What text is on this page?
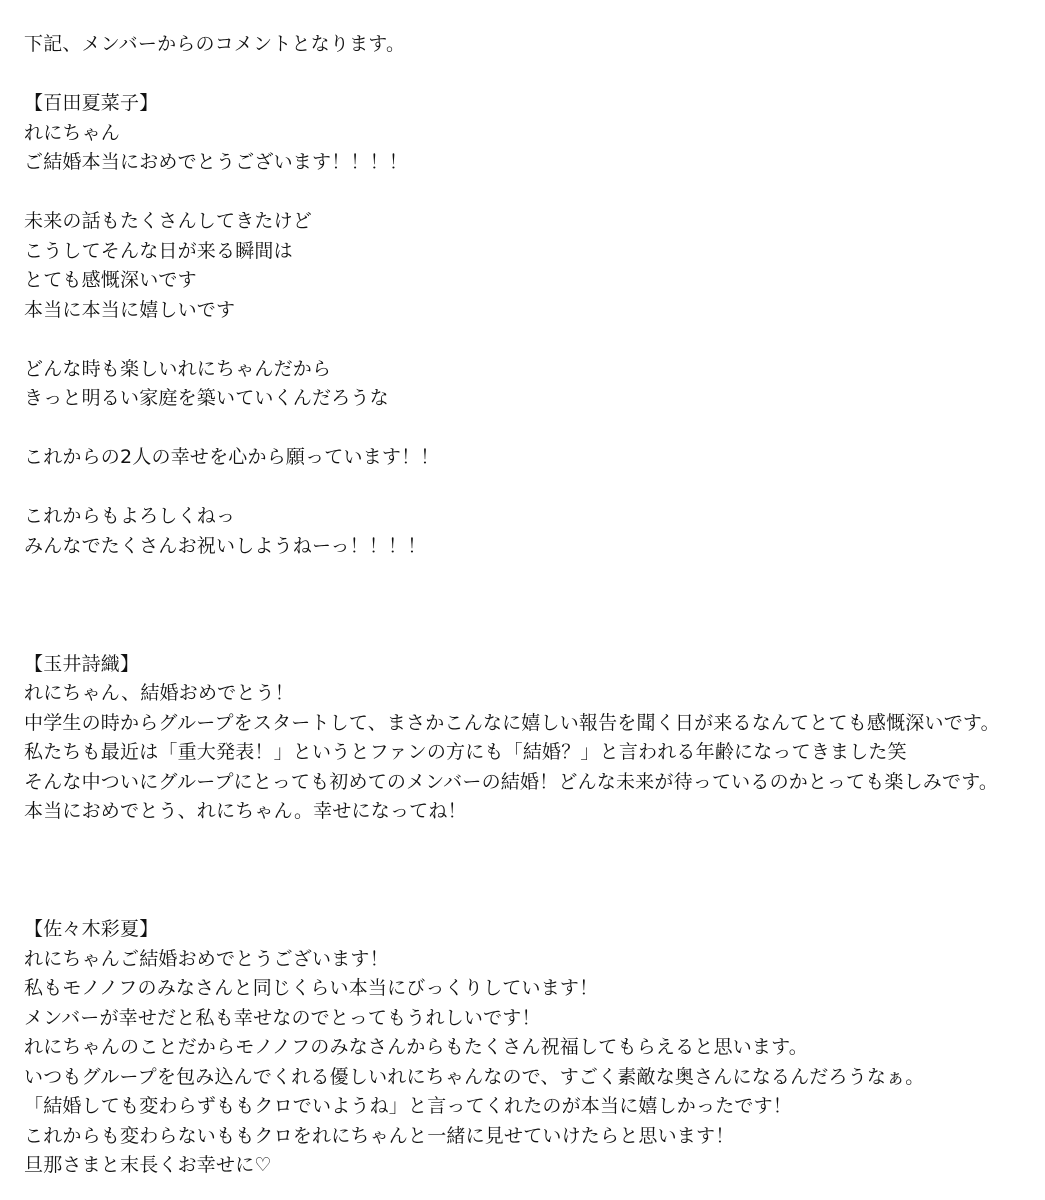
下記、メンバーからのコメントとなります。
【百田夏菜子】
れにちゃん
ご結婚本当におめでとうございます！！！！
未来の話もたくさんしてきたけど
こうしてそんな日が来る瞬間は
とても感慨深いです
本当に本当に嬉しいです
どんな時も楽しいれにちゃんだから
きっと明るい家庭を築いていくんだろうな
これからの2人の幸せを心から願っています！！
これからもよろしくねっ
みんなでたくさんお祝いしようねーっ！！！！
【玉井詩織】
れにちゃん、結婚おめでとう！
中学生の時からグループをスタートして、まさかこんなに嬉しい報告を聞く日が来るなんてとても感慨深いです。
私たちも最近は「重大発表！」というとファンの方にも「結婚？」と言われる年齢になってきました笑
そんな中ついにグループにとっても初めてのメンバーの結婚！どんな未来が待っているのかとっても楽しみです。
本当におめでとう、れにちゃん。幸せになってね！
【佐々木彩夏】
れにちゃんご結婚おめでとうございます！
私もモノノフのみなさんと同じくらい本当にびっくりしています！
メンバーが幸せだと私も幸せなのでとってもうれしいです！
れにちゃんのことだからモノノフのみなさんからもたくさん祝福してもらえると思います。
いつもグループを包み込んでくれる優しいれにちゃんなので、すごく素敵な奥さんになるんだろうなぁ。
「結婚しても変わらずももクロでいようね」と言ってくれたのが本当に嬉しかったです！
これからも変わらないももクロをれにちゃんと一緒に見せていけたらと思います！
旦那さまと末長くお幸せに♡
